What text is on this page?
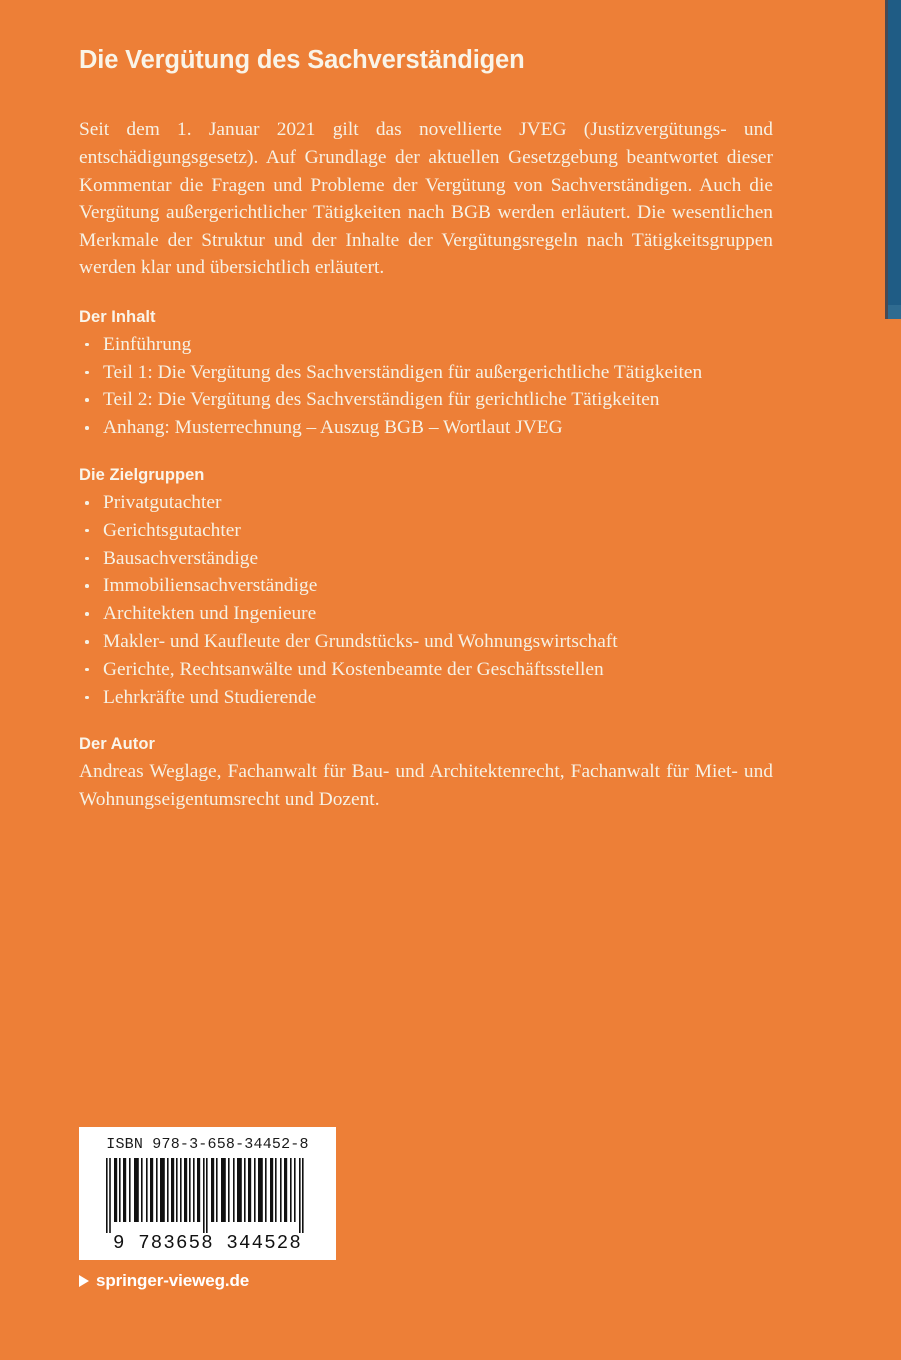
Die Vergütung des Sachverständigen

Seit dem 1. Januar 2021 gilt das novellierte JVEG (Justizvergütungs- und entschädigungsgesetz). Auf Grundlage der aktuellen Gesetzgebung beantwortet dieser Kommentar die Fragen und Probleme der Vergütung von Sachverständigen. Auch die Vergütung außergerichtlicher Tätigkeiten nach BGB werden erläutert. Die wesentlichen Merkmale der Struktur und der Inhalte der Vergütungsregeln nach Tätigkeitsgruppen werden klar und übersichtlich erläutert.

Der Inhalt
Einführung
Teil 1: Die Vergütung des Sachverständigen für außergerichtliche Tätigkeiten
Teil 2: Die Vergütung des Sachverständigen für gerichtliche Tätigkeiten
Anhang: Musterrechnung – Auszug BGB – Wortlaut JVEG
Die Zielgruppen
Privatgutachter
Gerichtsgutachter
Bausachverständige
Immobiliensachverständige
Architekten und Ingenieure
Makler- und Kaufleute der Grundstücks- und Wohnungswirtschaft
Gerichte, Rechtsanwälte und Kostenbeamte der Geschäftsstellen
Lehrkräfte und Studierende
Der Autor

Andreas Weglage, Fachanwalt für Bau- und Architektenrecht, Fachanwalt für Miet- und Wohnungseigentumsrecht und Dozent.

ISBN 978-3-658-34452-8
9 783658 344528
springer-vieweg.de
